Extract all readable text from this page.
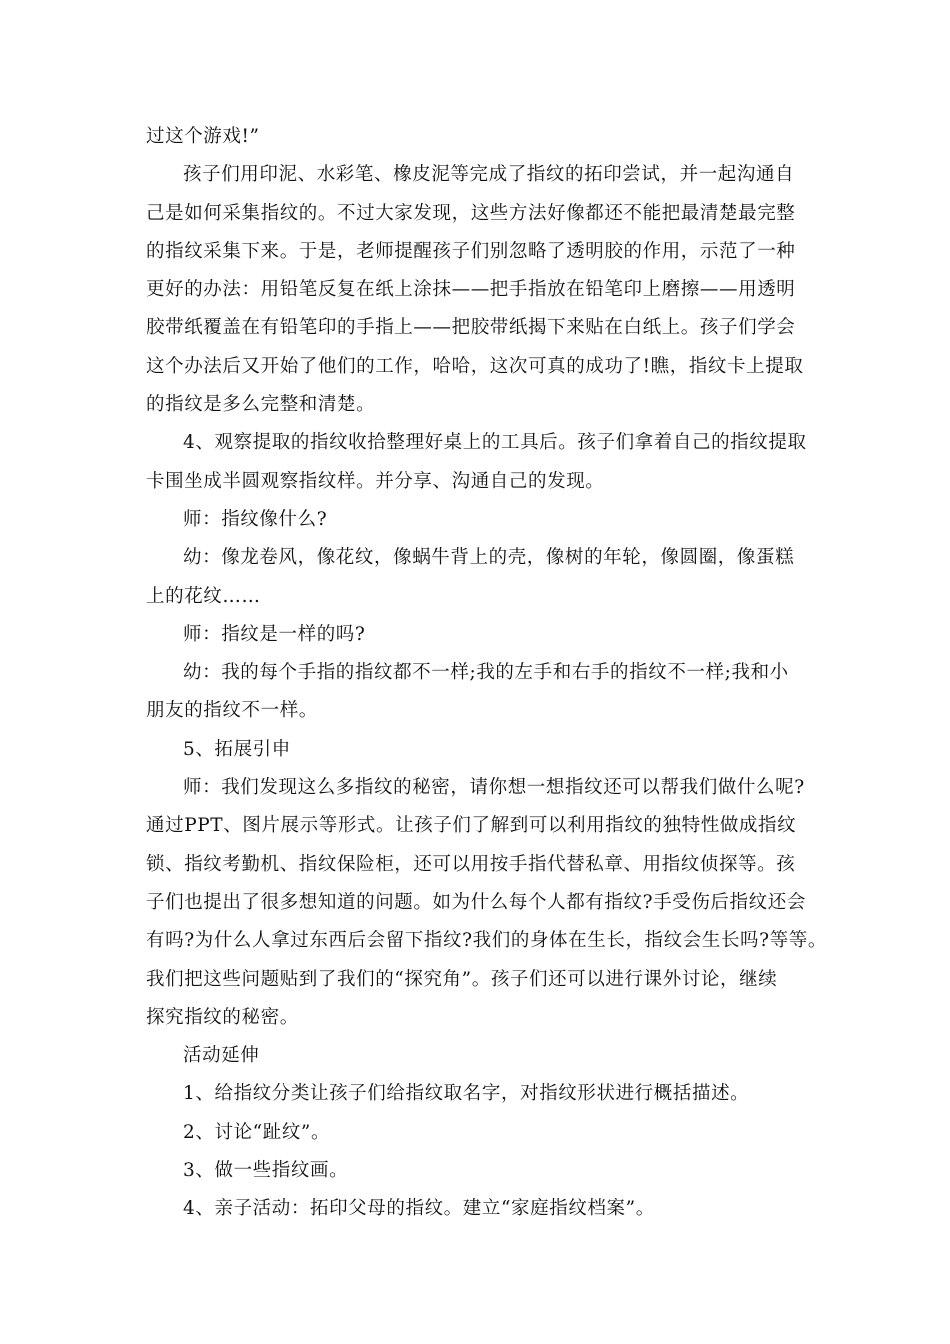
过这个游戏!”
孩子们用印泥、水彩笔、橡皮泥等完成了指纹的拓印尝试，并一起沟通自
己是如何采集指纹的。不过大家发现，这些方法好像都还不能把最清楚最完整
的指纹采集下来。于是，老师提醒孩子们别忽略了透明胶的作用，示范了一种
更好的办法：用铅笔反复在纸上涂抹——把手指放在铅笔印上磨擦——用透明
胶带纸覆盖在有铅笔印的手指上——把胶带纸揭下来贴在白纸上。孩子们学会
这个办法后又开始了他们的工作，哈哈，这次可真的成功了!瞧，指纹卡上提取
的指纹是多么完整和清楚。
4、观察提取的指纹收拾整理好桌上的工具后。孩子们拿着自己的指纹提取
卡围坐成半圆观察指纹样。并分享、沟通自己的发现。
师：指纹像什么?
幼：像龙卷风，像花纹，像蜗牛背上的壳，像树的年轮，像圆圈，像蛋糕
上的花纹……
师：指纹是一样的吗?
幼：我的每个手指的指纹都不一样;我的左手和右手的指纹不一样;我和小
朋友的指纹不一样。
5、拓展引申
师：我们发现这么多指纹的秘密，请你想一想指纹还可以帮我们做什么呢?
通过PPT、图片展示等形式。让孩子们了解到可以利用指纹的独特性做成指纹
锁、指纹考勤机、指纹保险柜，还可以用按手指代替私章、用指纹侦探等。孩
子们也提出了很多想知道的问题。如为什么每个人都有指纹?手受伤后指纹还会
有吗?为什么人拿过东西后会留下指纹?我们的身体在生长，指纹会生长吗?等等。
我们把这些问题贴到了我们的“探究角”。孩子们还可以进行课外讨论，继续
探究指纹的秘密。
活动延伸
1、给指纹分类让孩子们给指纹取名字，对指纹形状进行概括描述。
2、讨论“趾纹”。
3、做一些指纹画。
4、亲子活动：拓印父母的指纹。建立“家庭指纹档案”。
